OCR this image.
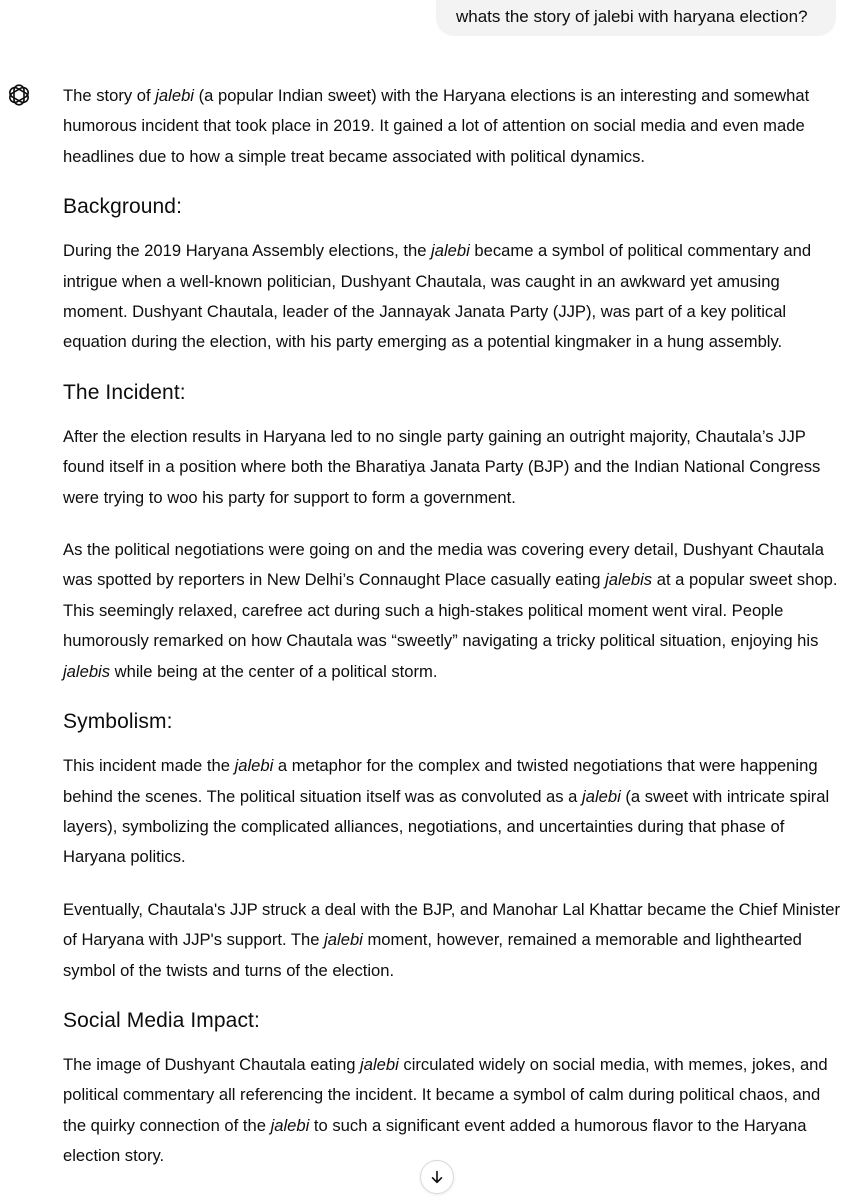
whats the story of jalebi with haryana election?

The story of jalebi (a popular Indian sweet) with the Haryana elections is an interesting and somewhat humorous incident that took place in 2019. It gained a lot of attention on social media and even made headlines due to how a simple treat became associated with political dynamics.

Background:

During the 2019 Haryana Assembly elections, the jalebi became a symbol of political commentary and intrigue when a well-known politician, Dushyant Chautala, was caught in an awkward yet amusing moment. Dushyant Chautala, leader of the Jannayak Janata Party (JJP), was part of a key political equation during the election, with his party emerging as a potential kingmaker in a hung assembly.

The Incident:

After the election results in Haryana led to no single party gaining an outright majority, Chautala’s JJP found itself in a position where both the Bharatiya Janata Party (BJP) and the Indian National Congress were trying to woo his party for support to form a government.

As the political negotiations were going on and the media was covering every detail, Dushyant Chautala was spotted by reporters in New Delhi’s Connaught Place casually eating jalebis at a popular sweet shop. This seemingly relaxed, carefree act during such a high-stakes political moment went viral. People humorously remarked on how Chautala was “sweetly” navigating a tricky political situation, enjoying his jalebis while being at the center of a political storm.

Symbolism:

This incident made the jalebi a metaphor for the complex and twisted negotiations that were happening behind the scenes. The political situation itself was as convoluted as a jalebi (a sweet with intricate spiral layers), symbolizing the complicated alliances, negotiations, and uncertainties during that phase of Haryana politics.

Eventually, Chautala's JJP struck a deal with the BJP, and Manohar Lal Khattar became the Chief Minister of Haryana with JJP's support. The jalebi moment, however, remained a memorable and lighthearted symbol of the twists and turns of the election.

Social Media Impact:

The image of Dushyant Chautala eating jalebi circulated widely on social media, with memes, jokes, and political commentary all referencing the incident. It became a symbol of calm during political chaos, and the quirky connection of the jalebi to such a significant event added a humorous flavor to the Haryana election story.
